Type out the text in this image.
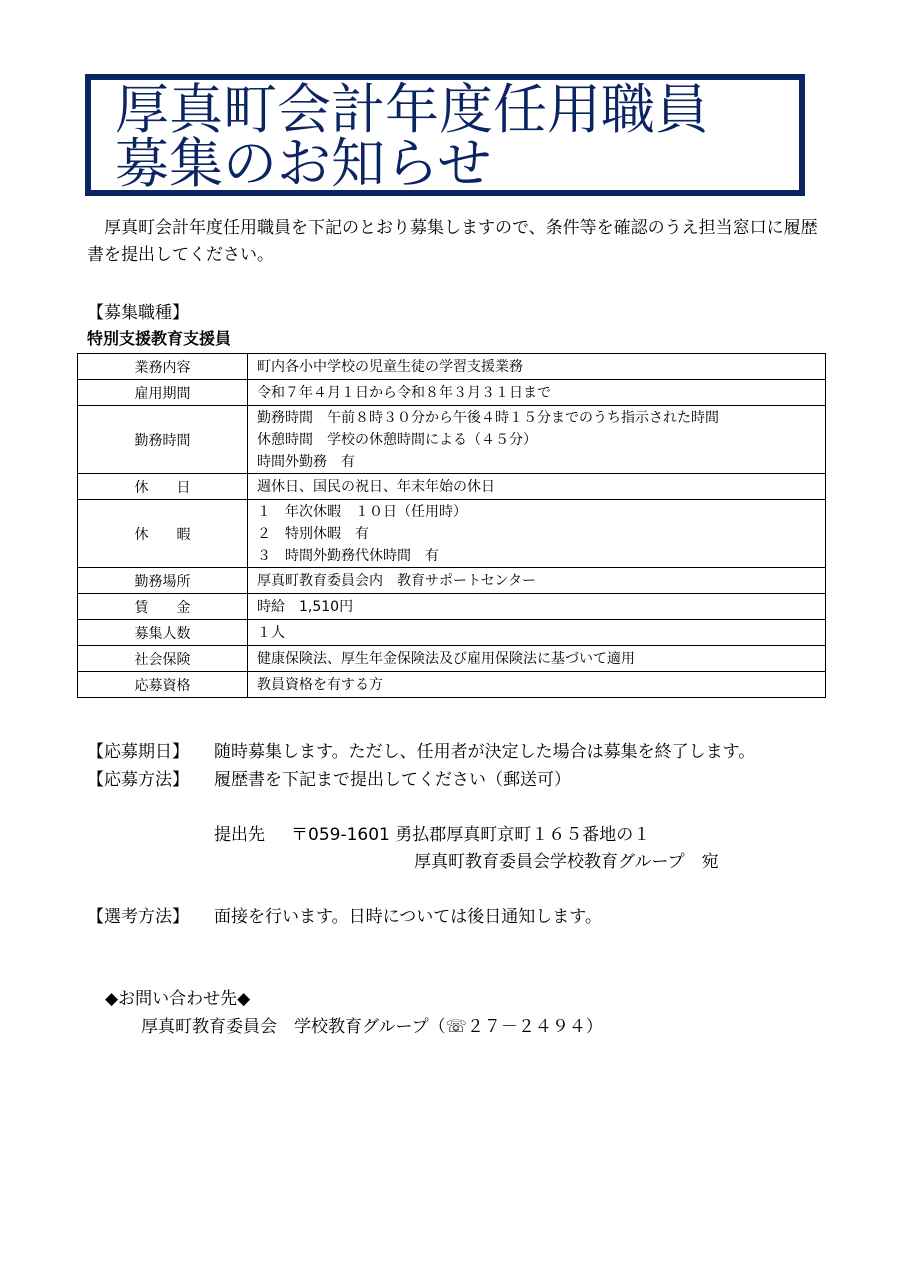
厚真町会計年度任用職員
募集のお知らせ
厚真町会計年度任用職員を下記のとおり募集しますので、条件等を確認のうえ担当窓口に履歴書を提出してください。
【募集職種】
特別支援教育支援員
業務内容	町内各小中学校の児童生徒の学習支援業務

雇用期間	令和７年４月１日から令和８年３月３１日まで

勤務時間	勤務時間　午前８時３０分から午後４時１５分までのうち指示された時間
休憩時間　学校の休憩時間による（４５分）
時間外勤務　有

休　　日	週休日、国民の祝日、年末年始の休日

休　　暇	１　年次休暇　１０日（任用時）
２　特別休暇　有
３　時間外勤務代休時間　有

勤務場所	厚真町教育委員会内　教育サポートセンター

賃　　金	時給　1,510円

募集人数	１人

社会保険	健康保険法、厚生年金保険法及び雇用保険法に基づいて適用

応募資格	教員資格を有する方
【応募期日】 随時募集します。ただし、任用者が決定した場合は募集を終了します。
【応募方法】 履歴書を下記まで提出してください（郵送可）
提出先 〒059-1601 勇払郡厚真町京町１６５番地の１
厚真町教育委員会学校教育グループ　宛
【選考方法】 面接を行います。日時については後日通知します。
◆お問い合わせ先◆
厚真町教育委員会　学校教育グループ（☏２７－２４９４）
